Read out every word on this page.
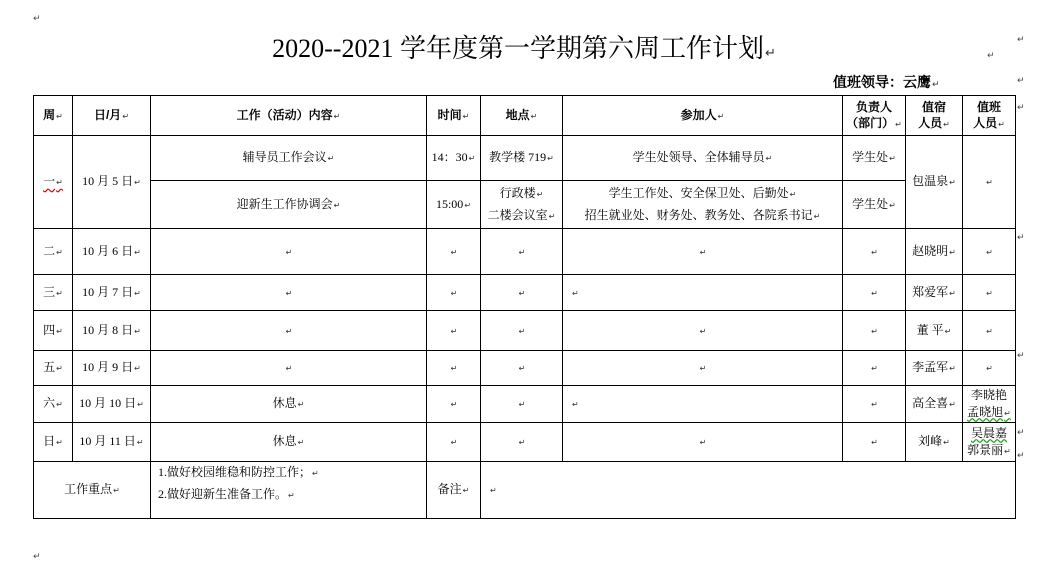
↵
↵
↵
↵
↵
↵
↵
↵
↵
↵
2020--2021 学年度第一学期第六周工作计划↵
值班领导：云鹰↵
周↵	日/月↵	工作（活动）内容↵	时间↵	地点↵	参加人↵	负责人
（部门）↵	值宿
人员↵	值班
人员↵

一↵	10 月 5 日↵	辅导员工作会议↵	14：30↵	教学楼 719↵	学生处领导、全体辅导员↵	学生处↵	包温泉↵	↵
		迎新生工作协调会↵	15:00↵	行政楼↵
二楼会议室↵	学生工作处、安全保卫处、后勤处↵
招生就业处、财务处、教务处、各院系书记↵	学生处↵		
二↵	10 月 6 日↵	↵	↵	↵	↵	↵	赵晓明↵	↵
三↵	10 月 7 日↵	↵	↵	↵	↵	↵	郑爱军↵	↵
四↵	10 月 8 日↵	↵	↵	↵	↵	↵	董 平↵	↵
五↵	10 月 9 日↵	↵	↵	↵	↵	↵	李孟军↵	↵
六↵	10 月 10 日↵	休息↵	↵	↵	↵	↵	高全喜↵	李晓艳
孟晓旭↵

日↵	10 月 11 日↵	休息↵	↵	↵	↵	↵	刘峰↵	吴晨嘉
郭景丽↵

工作重点↵		1.做好校园维稳和防控工作；↵
2.做好迎新生准备工作。↵	备注↵	↵				
